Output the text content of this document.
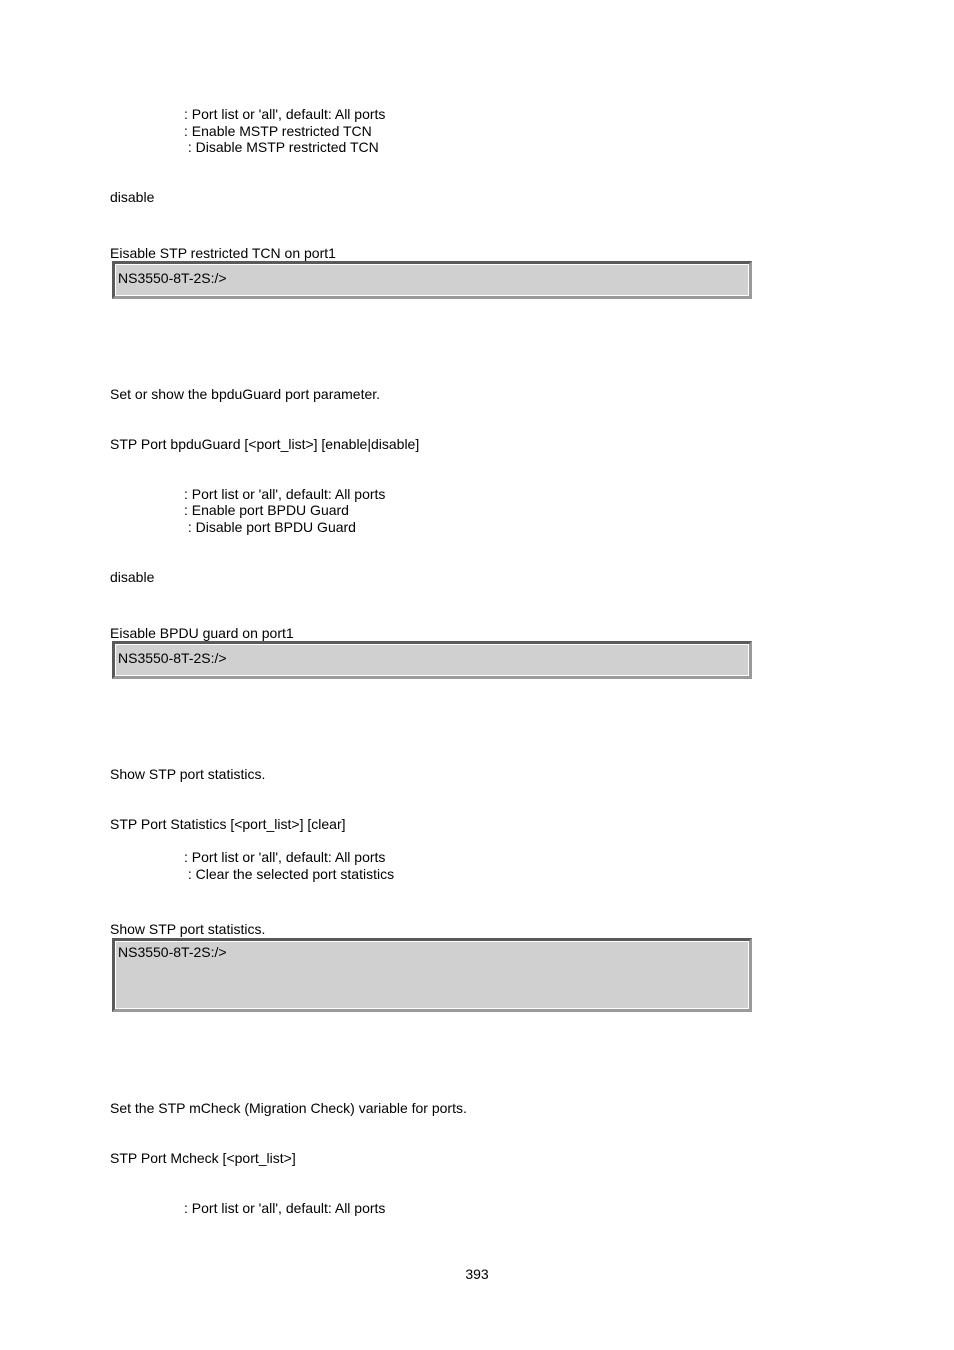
: Port list or 'all', default: All ports
: Enable MSTP restricted TCN
: Disable MSTP restricted TCN
disable
Eisable STP restricted TCN on port1
NS3550-8T-2S:/>
Set or show the bpduGuard port parameter.
STP Port bpduGuard [<port_list>] [enable|disable]
: Port list or 'all', default: All ports
: Enable port BPDU Guard
: Disable port BPDU Guard
disable
Eisable BPDU guard on port1
NS3550-8T-2S:/>
Show STP port statistics.
STP Port Statistics [<port_list>] [clear]
: Port list or 'all', default: All ports
: Clear the selected port statistics
Show STP port statistics.
NS3550-8T-2S:/>
Set the STP mCheck (Migration Check) variable for ports.
STP Port Mcheck [<port_list>]
: Port list or 'all', default: All ports
393
